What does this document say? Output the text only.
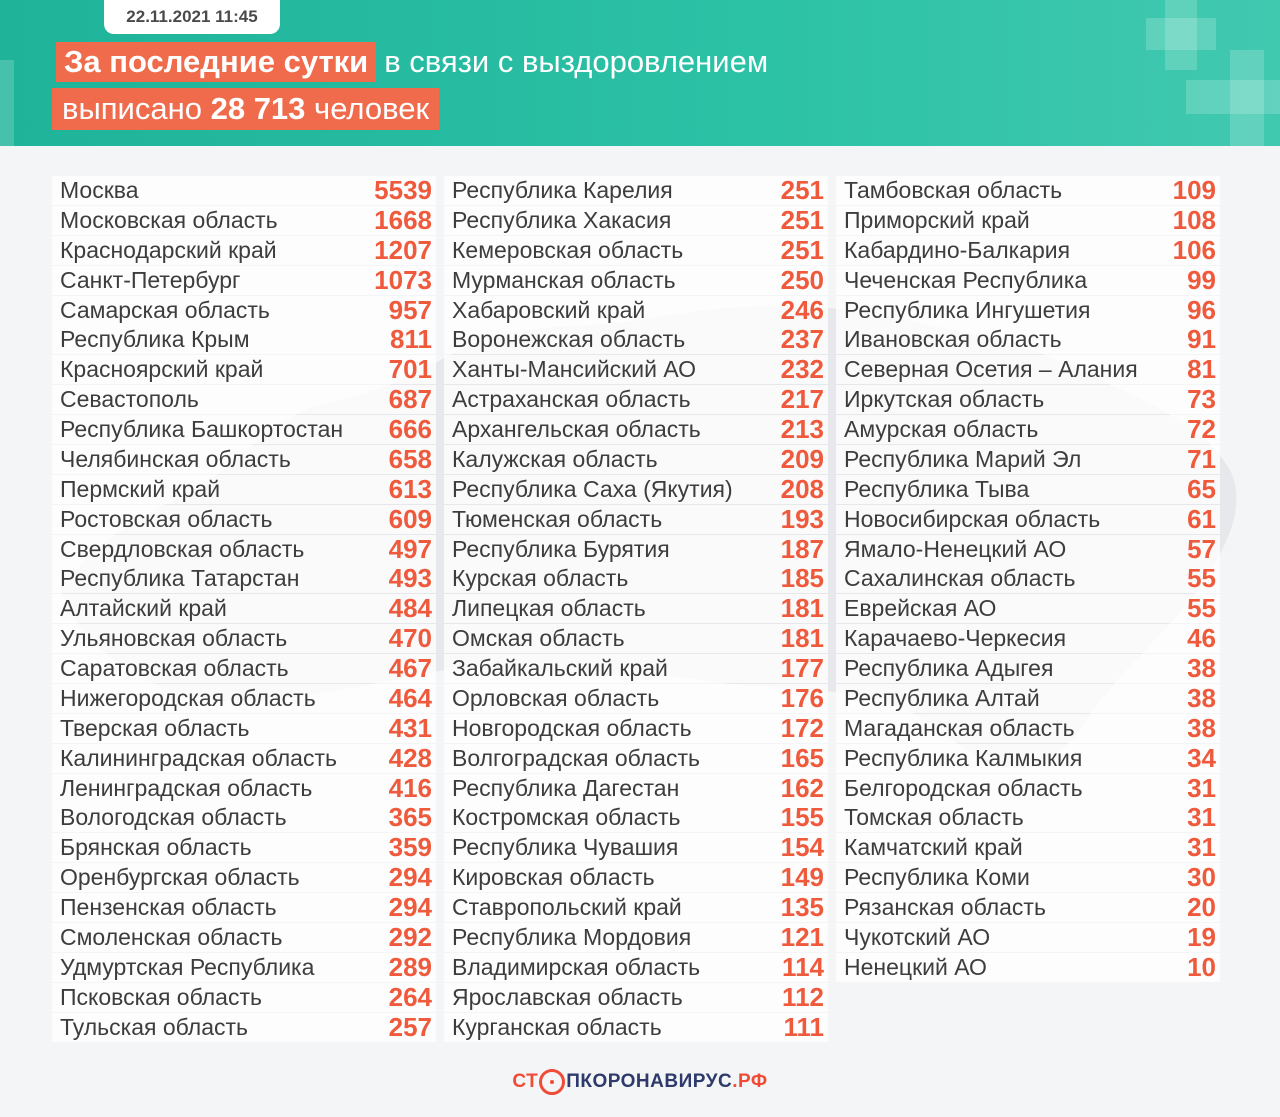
22.11.2021 11:45
За последние сутки в связи с выздоровлением
выписано 28 713 человек
Москва	5539
Московская область	1668
Краснодарский край	1207
Санкт-Петербург	1073
Самарская область	957
Республика Крым	811
Красноярский край	701
Севастополь	687
Республика Башкортостан 666
Челябинская область	658
Пермский край	613
Ростовская область	609
Свердловская область	497
Республика Татарстан	493
Алтайский край	484
Ульяновская область	470
Саратовская область	467
Нижегородская область	464
Тверская область	431
Калининградская область 428
Ленинградская область	416
Вологодская область	365
Брянская область	359
Оренбургская область	294
Пензенская область	294
Смоленская область	292
Удмуртская Республика	289
Псковская область	264
Тульская область	257
Республика Карелия	251
Республика Хакасия	251
Кемеровская область	251
Мурманская область	250
Хабаровский край	246
Воронежская область	237
Ханты-Мансийский АО	232
Астраханская область	217
Архангельская область	213
Калужская область	209
Республика Саха (Якутия) 208
Тюменская область	193
Республика Бурятия	187
Курская область	185
Липецкая область	181
Омская область	181
Забайкальский край	177
Орловская область	176
Новгородская область	172
Волгоградская область	165
Республика Дагестан	162
Костромская область	155
Республика Чувашия	154
Кировская область	149
Ставропольский край	135
Республика Мордовия	121
Владимирская область	114
Ярославская область	112
Курганская область	111
Тамбовская область	109
Приморский край	108
Кабардино-Балкария	106
Чеченская Республика	99
Республика Ингушетия	96
Ивановская область	91
Северная Осетия – Алания 81
Иркутская область	73
Амурская область	72
Республика Марий Эл	71
Республика Тыва	65
Новосибирская область	61
Ямало-Ненецкий АО	57
Сахалинская область	55
Еврейская АО	55
Карачаево-Черкесия	46
Республика Адыгея	38
Республика Алтай	38
Магаданская область	38
Республика Калмыкия	34
Белгородская область	31
Томская область	31
Камчатский край	31
Республика Коми	30
Рязанская область	20
Чукотский АО	19
Ненецкий АО	10
СТ ПКОРОНАВИРУС .РФ
